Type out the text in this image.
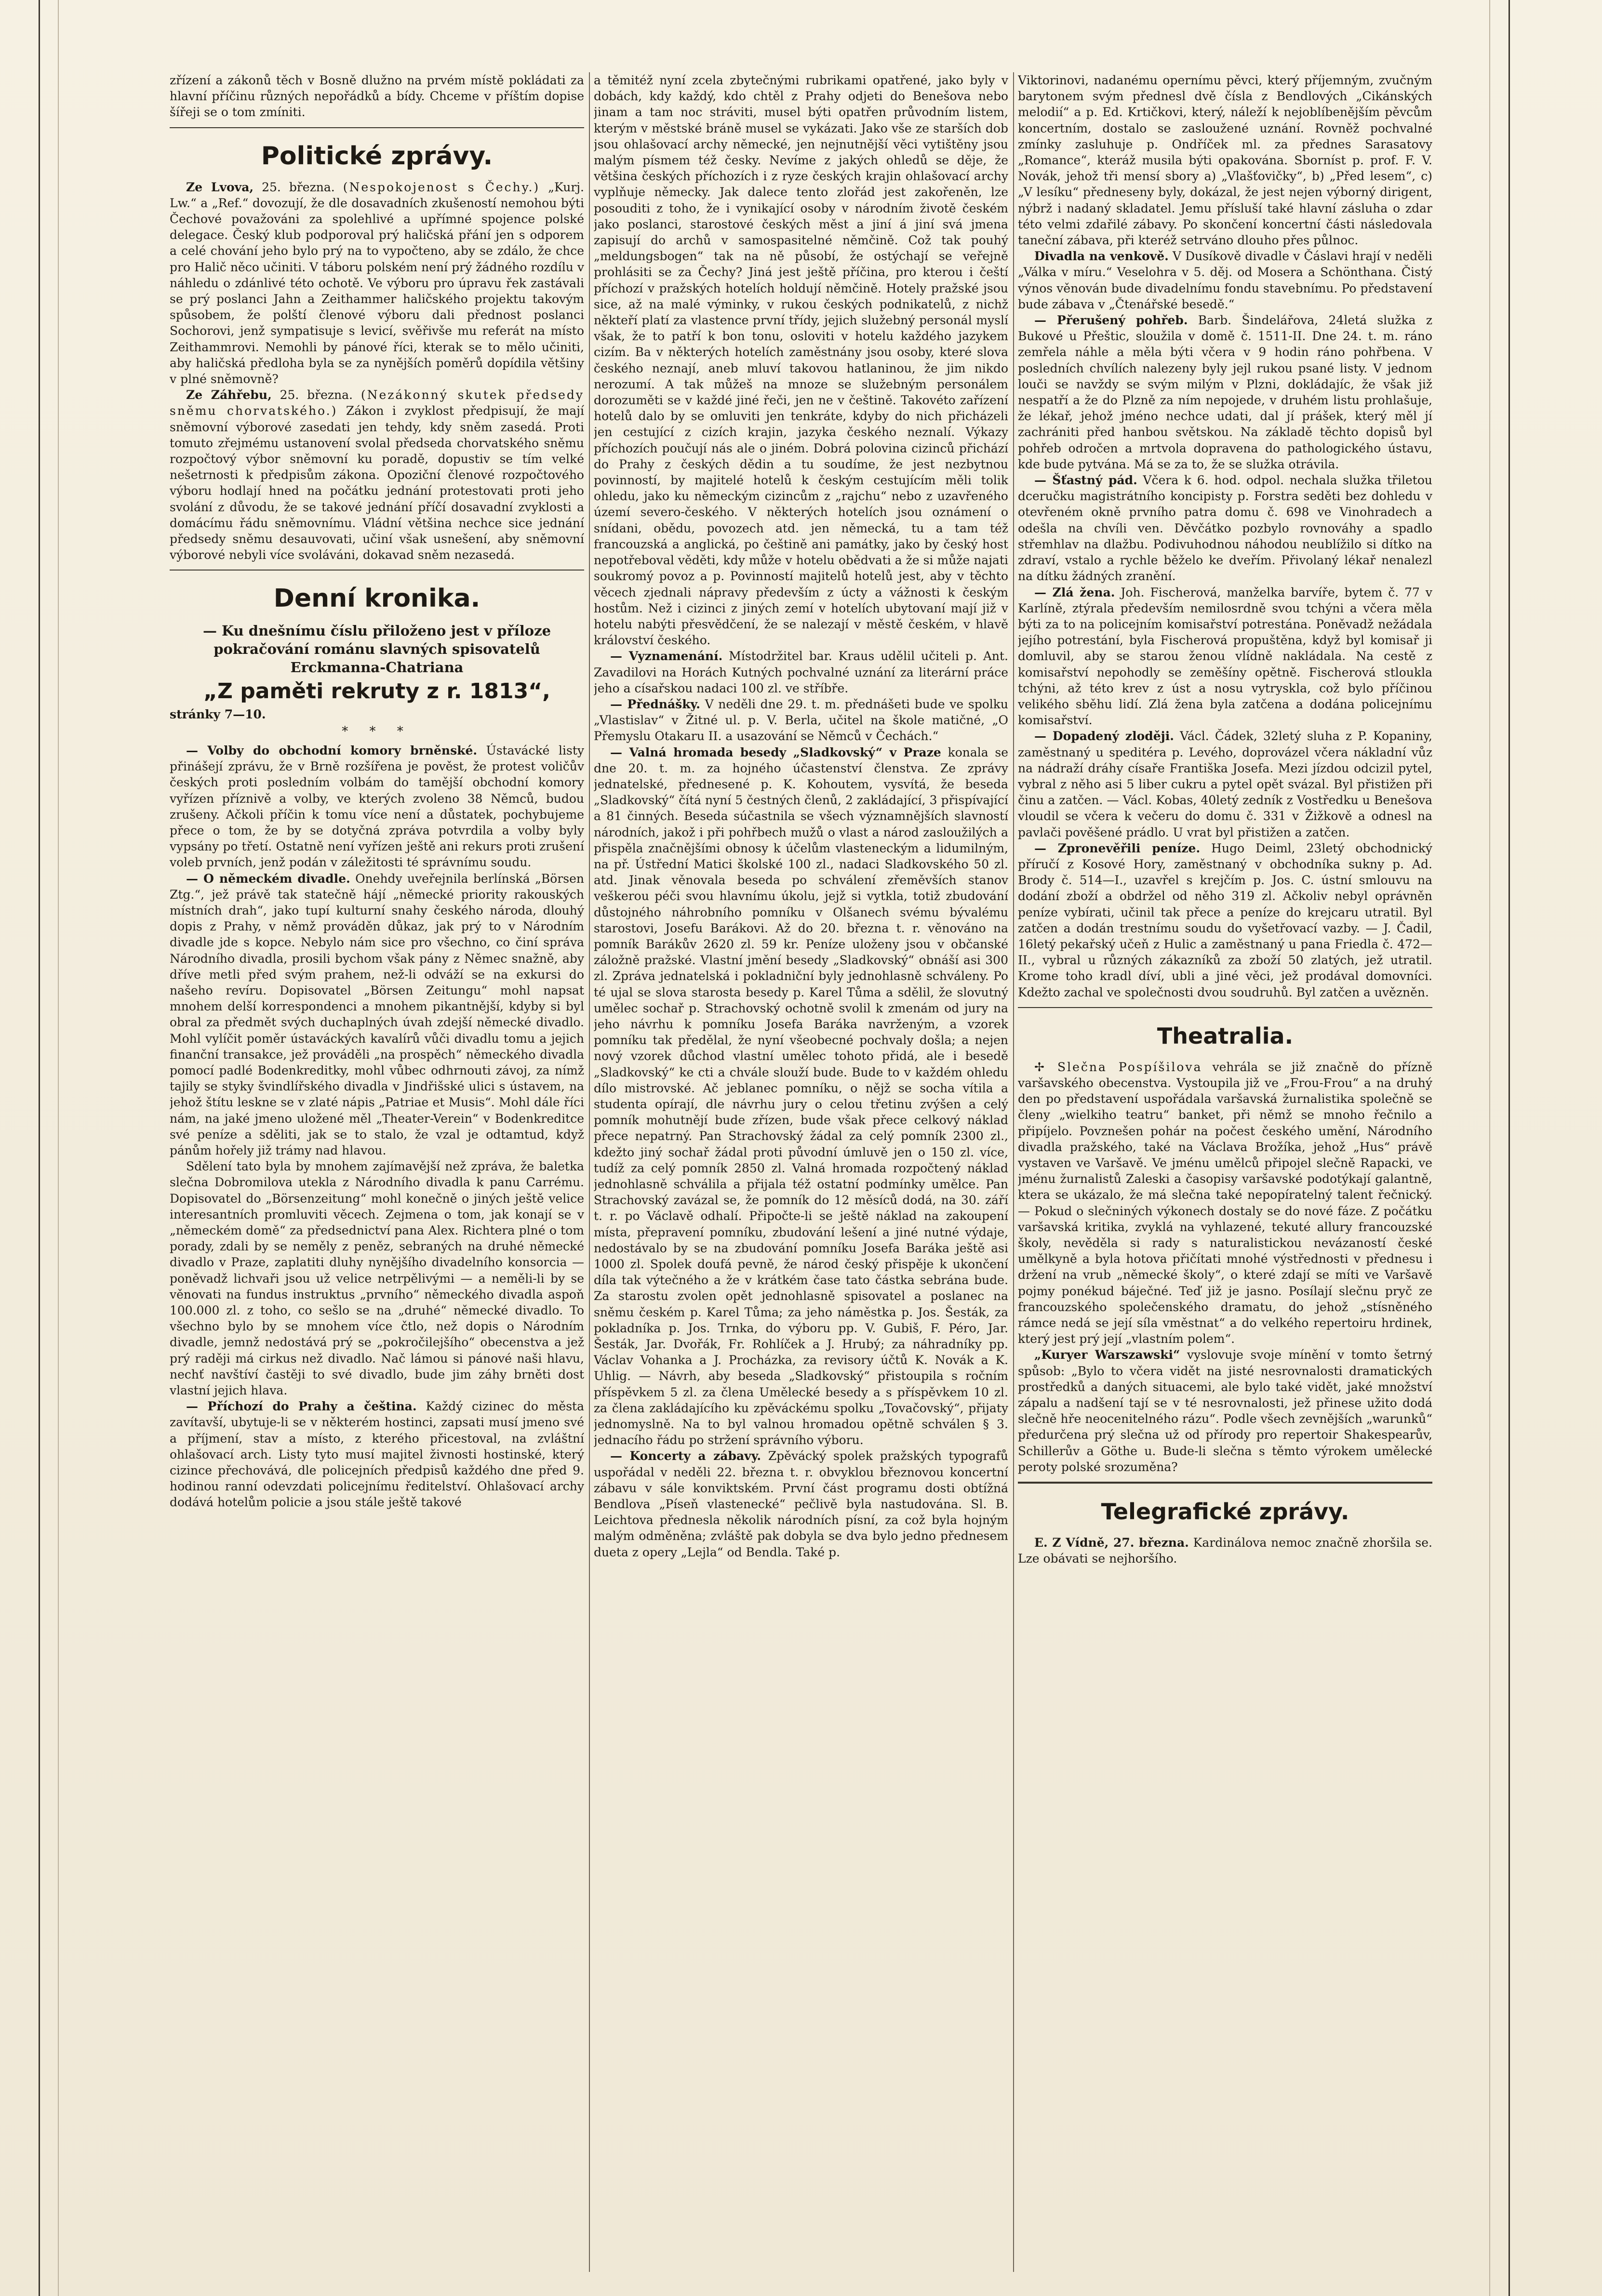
zřízení a zákonů těch v Bosně dlužno na prvém místě pokládati za hlavní příčinu různých nepořádků a bídy. Chceme v příštím dopise šířeji se o tom zmíniti.

Politické zprávy.

Ze Lvova, 25. března. (Nespokojenost s Čechy.) „Kurj. Lw.“ a „Ref.“ dovozují, že dle dosavadních zkušeností nemohou býti Čechové považováni za spolehlivé a upřímné spojence polské delegace. Český klub podporoval prý haličská přání jen s odporem a celé chování jeho bylo prý na to vypočteno, aby se zdálo, že chce pro Halič něco učiniti. V táboru polském není prý žádného rozdílu v náhledu o zdánlivé této ochotě. Ve výboru pro úpravu řek zastávali se prý poslanci Jahn a Zeithammer haličského projektu takovým spůsobem, že polští členové výboru dali přednost poslanci Sochorovi, jenž sympatisuje s levicí, svěřivše mu referát na místo Zeithammrovi. Nemohli by pánové říci, kterak se to mělo učiniti, aby haličská předloha byla se za nynějších poměrů dopídila většiny v plné sněmovně?

Ze Záhřebu, 25. března. (Nezákonný skutek předsedy sněmu chorvatského.) Zákon i zvyklost předpisují, že mají sněmovní výborové zasedati jen tehdy, kdy sněm zasedá. Proti tomuto zřejmému ustanovení svolal předseda chorvatského sněmu rozpočtový výbor sněmovní ku poradě, dopustiv se tím velké nešetrnosti k předpisům zákona. Opoziční členové rozpočtového výboru hodlají hned na počátku jednání protestovati proti jeho svolání z důvodu, že se takové jednání příčí dosavadní zvyklosti a domácímu řádu sněmovnímu. Vládní většina nechce sice jednání předsedy sněmu desauvovati, učiní však usnešení, aby sněmovní výborové nebyli více svoláváni, dokavad sněm nezasedá.

Denní kronika.

— Ku dnešnímu číslu přiloženo jest v příloze pokračování románu slavných spisovatelů Erckmanna-Chatriana

„Z paměti rekruty z r. 1813“,

stránky 7—10.

* * *

— Volby do obchodní komory brněnské. Ústavácké listy přinášejí zprávu, že v Brně rozšířena je pověst, že protest voličův českých proti posledním volbám do tamější obchodní komory vyřízen příznivě a volby, ve kterých zvoleno 38 Němců, budou zrušeny. Ačkoli příčin k tomu více není a důstatek, pochybujeme přece o tom, že by se dotyčná zpráva potvrdila a volby byly vypsány po třetí. Ostatně není vyřízen ještě ani rekurs proti zrušení voleb prvních, jenž podán v záležitosti té správnímu soudu.

— O německém divadle. Onehdy uveřejnila berlínská „Börsen Ztg.“, jež právě tak statečně hájí „německé priority rakouských místních drah“, jako tupí kulturní snahy českého národa, dlouhý dopis z Prahy, v němž prováděn důkaz, jak prý to v Národním divadle jde s kopce. Nebylo nám sice pro všechno, co činí správa Národního divadla, prosili bychom však pány z Němec snažně, aby dříve metli před svým prahem, než-li odváží se na exkursi do našeho revíru. Dopisovatel „Börsen Zeitungu“ mohl napsat mnohem delší korrespondenci a mnohem pikantnější, kdyby si byl obral za předmět svých duchaplných úvah zdejší německé divadlo. Mohl vylíčit poměr ústaváckých kavalírů vůči divadlu tomu a jejich finanční transakce, jež prováděli „na prospěch“ německého divadla pomocí padlé Bodenkreditky, mohl vůbec odhrnouti závoj, za nímž tajily se styky švindlířského divadla v Jindřišské ulici s ústavem, na jehož štítu leskne se v zlaté nápis „Patriae et Musis“. Mohl dále říci nám, na jaké jmeno uložené měl „Theater-Verein“ v Bodenkreditce své peníze a sděliti, jak se to stalo, že vzal je odtamtud, když pánům hořely již trámy nad hlavou.

Sdělení tato byla by mnohem zajímavější než zpráva, že baletka slečna Dobromilova utekla z Národního divadla k panu Carrému. Dopisovatel do „Börsenzeitung“ mohl konečně o jiných ještě velice interesantních promluviti věcech. Zejmena o tom, jak konají se v „německém domě“ za předsednictví pana Alex. Richtera plné o tom porady, zdali by se neměly z peněz, sebraných na druhé německé divadlo v Praze, zaplatiti dluhy nynějšího divadelního konsorcia — poněvadž lichvaři jsou už velice netrpělivými — a neměli-li by se věnovati na fundus instruktus „prvního“ německého divadla aspoň 100.000 zl. z toho, co sešlo se na „druhé“ německé divadlo. To všechno bylo by se mnohem více čtlo, než dopis o Národním divadle, jemnž nedostává prý se „pokročilejšího“ obecenstva a jež prý raději má cirkus než divadlo. Nač lámou si pánové naši hlavu, nechť navštíví častěji to své divadlo, bude jim záhy brněti dost vlastní jejich hlava.

— Příchozí do Prahy a čeština. Každý cizinec do města zavítavší, ubytuje-li se v některém hostinci, zapsati musí jmeno své a příjmení, stav a místo, z kterého přicestoval, na zvláštní ohlašovací arch. Listy tyto musí majitel živnosti hostinské, který cizince přechovává, dle policejních předpisů každého dne před 9. hodinou ranní odevzdati policejnímu ředitelství. Ohlašovací archy dodává hotelům policie a jsou stále ještě takové

a těmitéž nyní zcela zbytečnými rubrikami opatřené, jako byly v dobách, kdy každý, kdo chtěl z Prahy odjeti do Benešova nebo jinam a tam noc stráviti, musel býti opatřen průvodním listem, kterým v městské bráně musel se vykázati. Jako vše ze starších dob jsou ohlašovací archy německé, jen nejnutnější věci vytištěny jsou malým písmem též česky. Nevíme z jakých ohledů se děje, že většina českých příchozích i z ryze českých krajin ohlašovací archy vyplňuje německy. Jak dalece tento zlořád jest zakořeněn, lze posouditi z toho, že i vynikající osoby v národním životě českém jako poslanci, starostové českých měst a jiní á jiní svá jmena zapisují do archů v samospasitelné němčině. Což tak pouhý „meldungsbogen“ tak na ně působí, že ostýchají se veřejně prohlásiti se za Čechy? Jiná jest ještě příčina, pro kterou i čeští příchozí v pražských hotelích holdují němčině. Hotely pražské jsou sice, až na malé výminky, v rukou českých podnikatelů, z nichž někteří platí za vlastence první třídy, jejich služebný personál myslí však, že to patří k bon tonu, osloviti v hotelu každého jazykem cizím. Ba v některých hotelích zaměstnány jsou osoby, které slova českého neznají, aneb mluví takovou hatlaninou, že jim nikdo nerozumí. A tak můžeš na mnoze se služebným personálem dorozuměti se v každé jiné řeči, jen ne v češtině. Takovéto zařízení hotelů dalo by se omluviti jen tenkráte, kdyby do nich přicházeli jen cestující z cizích krajin, jazyka českého neznalí. Výkazy příchozích poučují nás ale o jiném. Dobrá polovina cizinců přichází do Prahy z českých dědin a tu soudíme, že jest nezbytnou povinností, by majitelé hotelů k českým cestujícím měli tolik ohledu, jako ku německým cizincům z „rajchu“ nebo z uzavřeného území severo-českého. V některých hotelích jsou oznámení o snídani, obědu, povozech atd. jen německá, tu a tam též francouzská a anglická, po češtině ani památky, jako by český host nepotřeboval věděti, kdy může v hotelu obědvati a že si může najati soukromý povoz a p. Povinností majitelů hotelů jest, aby v těchto věcech zjednali nápravy především z úcty a vážnosti k českým hostům. Než i cizinci z jiných zemí v hotelích ubytovaní mají již v hotelu nabýti přesvědčení, že se nalezají v městě českém, v hlavě království českého.

— Vyznamenání. Místodržitel bar. Kraus udělil učiteli p. Ant. Zavadilovi na Horách Kutných pochvalné uznání za literární práce jeho a císařskou nadaci 100 zl. ve stříbře.

— Přednášky. V neděli dne 29. t. m. přednášeti bude ve spolku „Vlastislav“ v Žitné ul. p. V. Berla, učitel na škole matičné, „O Přemyslu Otakaru II. a usazování se Němců v Čechách.“

— Valná hromada besedy „Sladkovský“ v Praze konala se dne 20. t. m. za hojného účastenství členstva. Ze zprávy jednatelské, přednesené p. K. Kohoutem, vysvítá, že beseda „Sladkovský“ čítá nyní 5 čestných členů, 2 zakládající, 3 přispívající a 81 činných. Beseda súčastnila se všech významnějších slavností národních, jakož i při pohřbech mužů o vlast a národ zasloužilých a přispěla značnějšími obnosy k účelům vlasteneckým a lidumilným, na př. Ústřední Matici školské 100 zl., nadaci Sladkovského 50 zl. atd. Jinak věnovala beseda po schválení zřeměvších stanov veškerou péči svou hlavnímu úkolu, jejž si vytkla, totiž zbudování důstojného náhrobního pomníku v Olšanech svému bývalému starostovi, Josefu Barákovi. Až do 20. března t. r. věnováno na pomník Barákův 2620 zl. 59 kr. Peníze uloženy jsou v občanské záložně pražské. Vlastní jmění besedy „Sladkovský“ obnáší asi 300 zl. Zpráva jednatelská i pokladniční byly jednohlasně schváleny. Po té ujal se slova starosta besedy p. Karel Tůma a sdělil, že slovutný umělec sochař p. Strachovský ochotně svolil k zmenám od jury na jeho návrhu k pomníku Josefa Baráka navrženým, a vzorek pomníku tak předělal, že nyní všeobecné pochvaly došla; a nejen nový vzorek důchod vlastní umělec tohoto přidá, ale i besedě „Sladkovský“ ke cti a chvále slouží bude. Bude to v každém ohledu dílo mistrovské. Ač jeblanec pomníku, o nějž se socha vítila a studenta opírají, dle návrhu jury o celou třetinu zvýšen a celý pomník mohutnějí bude zřízen, bude však přece celkový náklad přece nepatrný. Pan Strachovský žádal za celý pomník 2300 zl., kdežto jiný sochař žádal proti původní úmluvě jen o 150 zl. více, tudíž za celý pomník 2850 zl. Valná hromada rozpočtený náklad jednohlasně schválila a přijala též ostatní podmínky umělce. Pan Strachovský zavázal se, že pomník do 12 měsíců dodá, na 30. září t. r. po Václavě odhalí. Připočte-li se ještě náklad na zakoupení místa, přepravení pomníku, zbudování lešení a jiné nutné výdaje, nedostávalo by se na zbudování pomníku Josefa Baráka ještě asi 1000 zl. Spolek doufá pevně, že národ český přispěje k ukončení díla tak výtečného a že v krátkém čase tato částka sebrána bude. Za starostu zvolen opět jednohlasně spisovatel a poslanec na sněmu českém p. Karel Tůma; za jeho náměstka p. Jos. Šesták, za pokladníka p. Jos. Trnka, do výboru pp. V. Gubiš, F. Péro, Jar. Šesták, Jar. Dvořák, Fr. Rohlíček a J. Hrubý; za náhradníky pp. Václav Vohanka a J. Procházka, za revisory účtů K. Novák a K. Uhlig. — Návrh, aby beseda „Sladkovský“ přistoupila s ročním příspěvkem 5 zl. za člena Umělecké besedy a s příspěvkem 10 zl. za člena zakládajícího ku zpěváckému spolku „Tovačovský“, přijaty jednomyslně. Na to byl valnou hromadou opětně schválen § 3. jednacího řádu po stržení správního výboru.

— Koncerty a zábavy. Zpěvácký spolek pražských typografů uspořádal v neděli 22. března t. r. obvyklou březnovou koncertní zábavu v sále konviktském. První část programu dosti obtížná Bendlova „Píseň vlastenecké“ pečlivě byla nastudována. Sl. B. Leichtova přednesla několik národních písní, za což byla hojným malým odměněna; zvláště pak dobyla se dva bylo jedno přednesem dueta z opery „Lejla“ od Bendla. Také p.

Viktorinovi, nadanému opernímu pěvci, který příjemným, zvučným barytonem svým přednesl dvě čísla z Bendlových „Cikánských melodií“ a p. Ed. Krtičkovi, který, náleží k nejoblíbenějším pěvcům koncertním, dostalo se zasloužené uznání. Rovněž pochvalné zmínky zasluhuje p. Ondříček ml. za přednes Sarasatovy „Romance“, kteráž musila býti opakována. Sborníst p. prof. F. V. Novák, jehož tři mensí sbory a) „Vlašťovičky“, b) „Před lesem“, c) „V lesíku“ předneseny byly, dokázal, že jest nejen výborný dirigent, nýbrž i nadaný skladatel. Jemu přísluší také hlavní zásluha o zdar této velmi zdařilé zábavy. Po skončení koncertní části následovala taneční zábava, při kteréž setrváno dlouho přes půlnoc.

Divadla na venkově. V Dusíkově divadle v Čáslavi hrají v neděli „Válka v míru.“ Veselohra v 5. děj. od Mosera a Schönthana. Čistý výnos věnován bude divadelnímu fondu stavebnímu. Po představení bude zábava v „Čtenářské besedě.“

— Přerušený pohřeb. Barb. Šindelářova, 24letá služka z Bukové u Přeštic, sloužila v domě č. 1511-II. Dne 24. t. m. ráno zemřela náhle a měla býti včera v 9 hodin ráno pohřbena. V posledních chvílích nalezeny byly jejl rukou psané listy. V jednom louči se navždy se svým milým v Plzni, dokládajíc, že však již nespatří a že do Plzně za ním nepojede, v druhém listu prohlašuje, že lékař, jehož jméno nechce udati, dal jí prášek, který měl jí zachrániti před hanbou světskou. Na základě těchto dopisů byl pohřeb odročen a mrtvola dopravena do pathologického ústavu, kde bude pytvána. Má se za to, že se služka otrávila.

— Šťastný pád. Včera k 6. hod. odpol. nechala služka třiletou dceručku magistrátního koncipisty p. Forstra seděti bez dohledu v otevřeném okně prvního patra domu č. 698 ve Vinohradech a odešla na chvíli ven. Děvčátko pozbylo rovnováhy a spadlo střemhlav na dlažbu. Podivuhodnou náhodou neublížilo si dítko na zdraví, vstalo a rychle běželo ke dveřím. Přivolaný lékař nenalezl na dítku žádných zranění.

— Zlá žena. Joh. Fischerová, manželka barvíře, bytem č. 77 v Karlíně, ztýrala především nemilosrdně svou tchýni a včera měla býti za to na policejním komisařství potrestána. Poněvadž nežádala jejího potrestání, byla Fischerová propuštěna, když byl komisař ji domluvil, aby se starou ženou vlídně nakládala. Na cestě z komisařství nepohodly se zeměšíny opětně. Fischerová stloukla tchýni, až této krev z úst a nosu vytryskla, což bylo příčinou velikého sběhu lidí. Zlá žena byla zatčena a dodána policejnímu komisařství.

— Dopadený zloději. Václ. Čádek, 32letý sluha z P. Kopaniny, zaměstnaný u speditéra p. Levého, doprovázel včera nákladní vůz na nádraží dráhy císaře Františka Josefa. Mezi jízdou odcizil pytel, vybral z něho asi 5 liber cukru a pytel opět svázal. Byl přistižen při činu a zatčen. — Václ. Kobas, 40letý zedník z Vostředku u Benešova vloudil se včera k večeru do domu č. 331 v Žižkově a odnesl na pavlači pověšené prádlo. U vrat byl přistižen a zatčen.

— Zpronevěřili peníze. Hugo Deiml, 23letý obchodnický příručí z Kosové Hory, zaměstnaný v obchodníka sukny p. Ad. Brody č. 514—I., uzavřel s krejčím p. Jos. C. ústní smlouvu na dodání zboží a obdržel od něho 319 zl. Ačkoliv nebyl oprávněn peníze vybírati, učinil tak přece a peníze do krejcaru utratil. Byl zatčen a dodán trestnímu soudu do vyšetřovací vazby. — J. Čadil, 16letý pekařský učeň z Hulic a zaměstnaný u pana Friedla č. 472—II., vybral u různých zákazníků za zboží 50 zlatých, jež utratil. Krome toho kradl díví, ubli a jiné věci, jež prodával domovníci. Kdežto zachal ve společnosti dvou soudruhů. Byl zatčen a uvězněn.

Theatralia.

✢ Slečna Pospíšilova vehrála se již značně do přízně varšavského obecenstva. Vystoupila již ve „Frou-Frou“ a na druhý den po představení uspořádala varšavská žurnalistika společně se členy „wielkiho teatru“ banket, při němž se mnoho řečnilo a připíjelo. Povznešen pohár na počest českého umění, Národního divadla pražského, také na Václava Brožíka, jehož „Hus“ právě vystaven ve Varšavě. Ve jménu umělců připojel slečně Rapacki, ve jménu žurnalistů Zaleski a časopisy varšavské podotýkají galantně, ktera se ukázalo, že má slečna také nepopíratelný talent řečnický. — Pokud o slečniných výkonech dostaly se do nové fáze. Z počátku varšavská kritika, zvyklá na vyhlazené, tekuté allury francouzské školy, nevěděla si rady s naturalistickou nevázaností české umělkyně a byla hotova přičítati mnohé výstřednosti v přednesu i držení na vrub „německé školy“, o které zdají se míti ve Varšavě pojmy ponékud báječné. Teď již je jasno. Posílají slečnu pryč ze francouzského společenského dramatu, do jehož „stísněného rámce nedá se její síla vměstnat“ a do velkého repertoiru hrdinek, který jest prý její „vlastním polem“.

„Kuryer Warszawski“ vyslovuje svoje mínění v tomto šetrný spůsob: „Bylo to včera vidět na jisté nesrovnalosti dramatických prostředků a daných situacemi, ale bylo také vidět, jaké množství zápalu a nadšení tají se v té nesrovnalosti, jež přinese užito dodá slečně hře neocenitelného rázu“. Podle všech zevnějších „warunků“ předurčena prý slečna už od přírody pro repertoir Shakespearův, Schillerův a Göthe u. Bude-li slečna s těmto výrokem umělecké peroty polské srozuměna?

Telegrafické zprávy.

E. Z Vídně, 27. března. Kardinálova nemoc značně zhoršila se. Lze obávati se nejhoršího.
